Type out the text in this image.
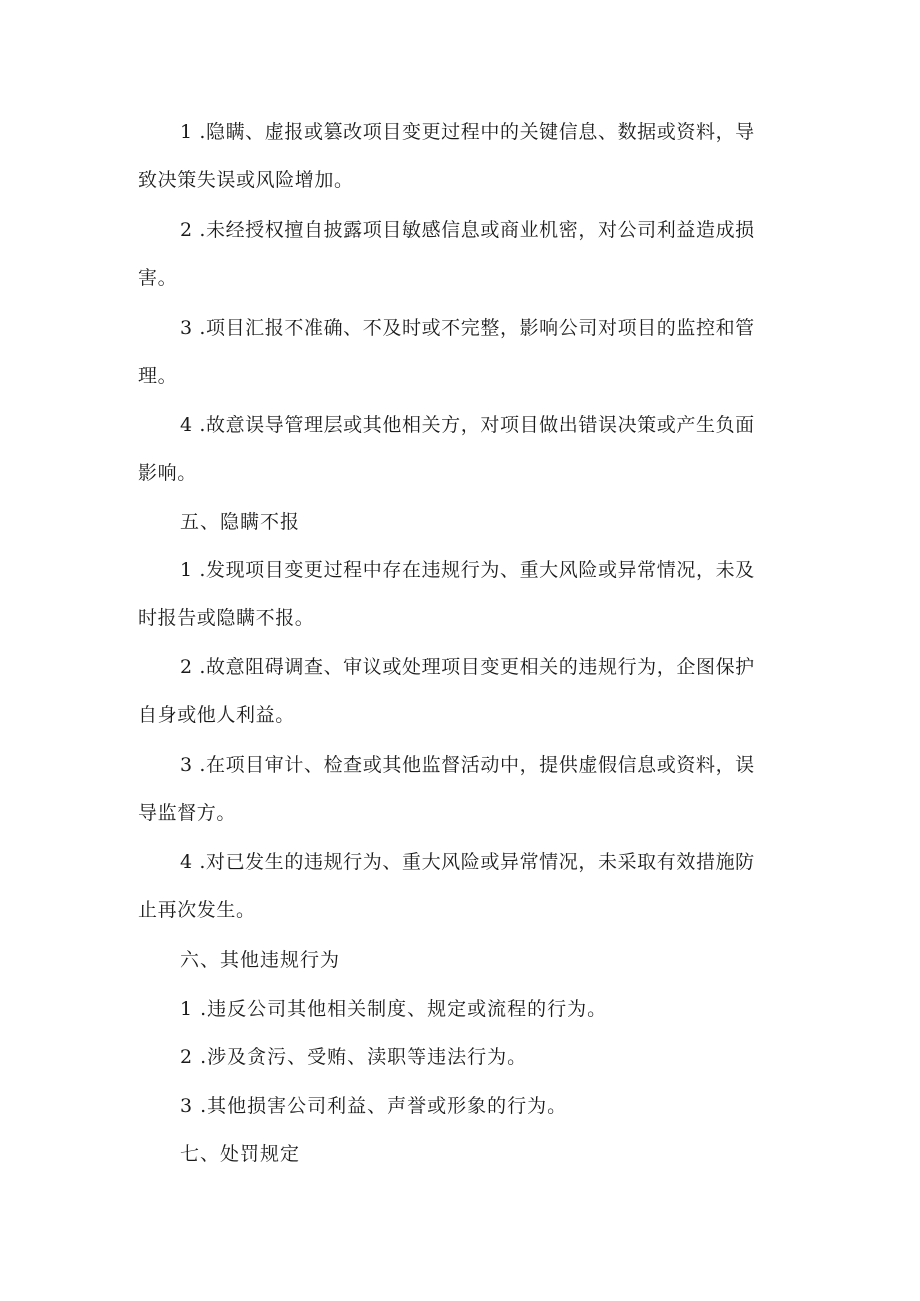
1 .隐瞒、虚报或篡改项目变更过程中的关键信息、数据或资料，导
致决策失误或风险增加。
2 .未经授权擅自披露项目敏感信息或商业机密，对公司利益造成损
害。
3 .项目汇报不准确、不及时或不完整，影响公司对项目的监控和管
理。
4 .故意误导管理层或其他相关方，对项目做出错误决策或产生负面
影响。
五、隐瞒不报
1 .发现项目变更过程中存在违规行为、重大风险或异常情况，未及
时报告或隐瞒不报。
2 .故意阻碍调查、审议或处理项目变更相关的违规行为，企图保护
自身或他人利益。
3 .在项目审计、检查或其他监督活动中，提供虚假信息或资料，误
导监督方。
4 .对已发生的违规行为、重大风险或异常情况，未采取有效措施防
止再次发生。
六、其他违规行为
1 .违反公司其他相关制度、规定或流程的行为。
2 .涉及贪污、受贿、渎职等违法行为。
3 .其他损害公司利益、声誉或形象的行为。
七、处罚规定
